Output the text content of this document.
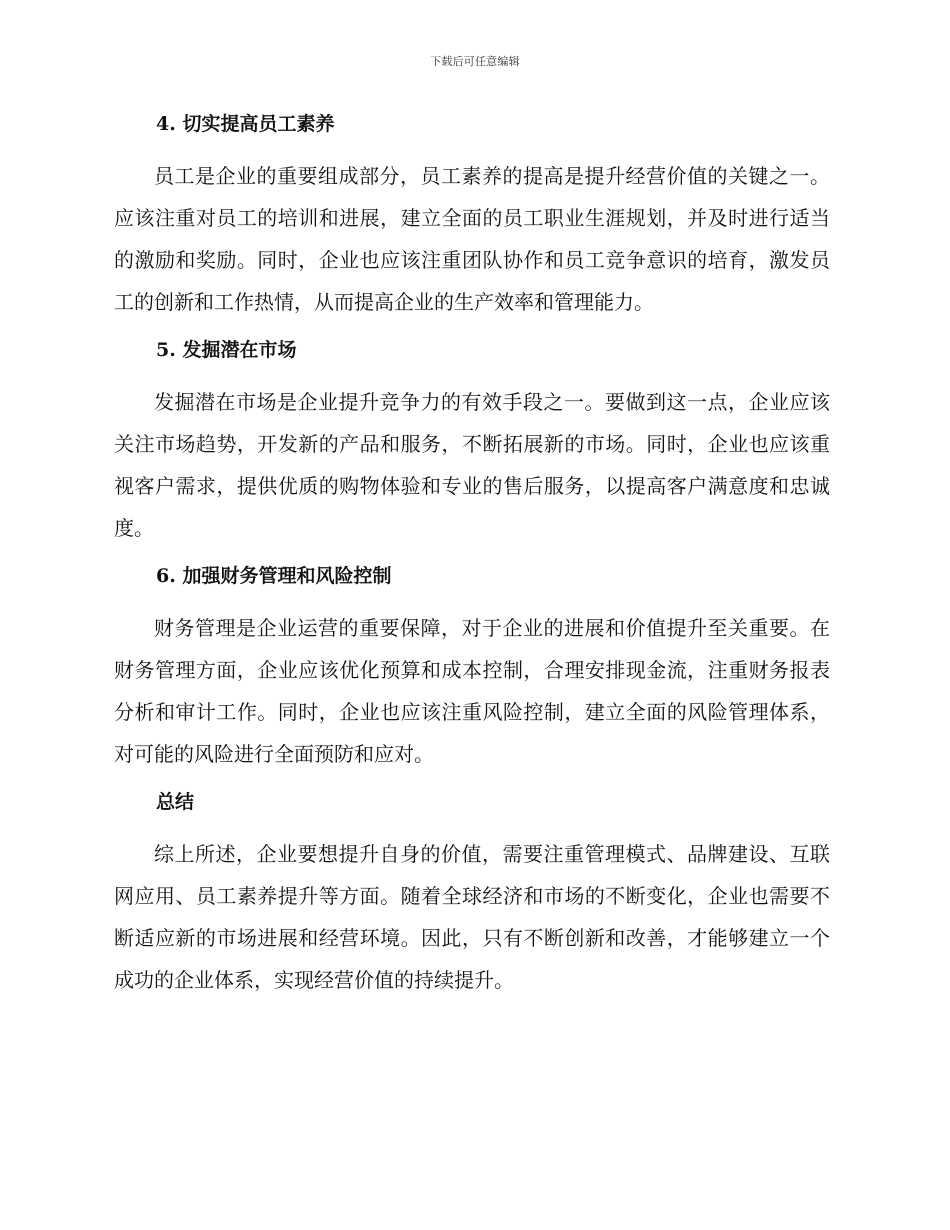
下载后可任意编辑
4. 切实提高员工素养

员工是企业的重要组成部分，员工素养的提高是提升经营价值的关键之一。应该注重对员工的培训和进展，建立全面的员工职业生涯规划，并及时进行适当的激励和奖励。同时，企业也应该注重团队协作和员工竞争意识的培育，激发员工的创新和工作热情，从而提高企业的生产效率和管理能力。

5. 发掘潜在市场

发掘潜在市场是企业提升竞争力的有效手段之一。要做到这一点，企业应该关注市场趋势，开发新的产品和服务，不断拓展新的市场。同时，企业也应该重视客户需求，提供优质的购物体验和专业的售后服务，以提高客户满意度和忠诚度。

6. 加强财务管理和风险控制

财务管理是企业运营的重要保障，对于企业的进展和价值提升至关重要。在财务管理方面，企业应该优化预算和成本控制，合理安排现金流，注重财务报表分析和审计工作。同时，企业也应该注重风险控制，建立全面的风险管理体系，对可能的风险进行全面预防和应对。

总结

综上所述，企业要想提升自身的价值，需要注重管理模式、品牌建设、互联网应用、员工素养提升等方面。随着全球经济和市场的不断变化，企业也需要不断适应新的市场进展和经营环境。因此，只有不断创新和改善，才能够建立一个成功的企业体系，实现经营价值的持续提升。
